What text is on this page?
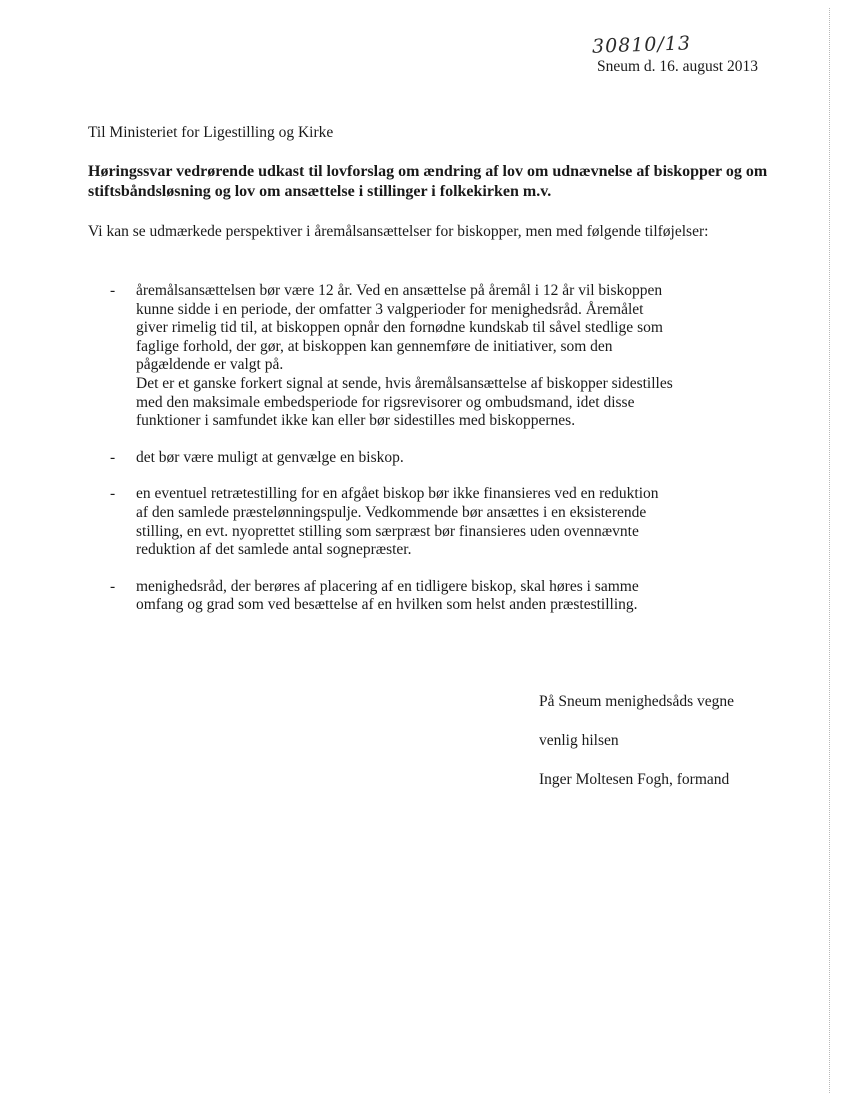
30810/13
Sneum d. 16. august 2013
Til Ministeriet for Ligestilling og Kirke
Høringssvar vedrørende udkast til lovforslag om ændring af lov om udnævnelse af biskopper og om stiftsbåndsløsning og lov om ansættelse i stillinger i folkekirken m.v.
Vi kan se udmærkede perspektiver i åremålsansættelser for biskopper, men med følgende tilføjelser:
- åremålsansættelsen bør være 12 år. Ved en ansættelse på åremål i 12 år vil biskoppen
kunne sidde i en periode, der omfatter 3 valgperioder for menighedsråd. Åremålet
giver rimelig tid til, at biskoppen opnår den fornødne kundskab til såvel stedlige som
faglige forhold, der gør, at biskoppen kan gennemføre de initiativer, som den
pågældende er valgt på.
Det er et ganske forkert signal at sende, hvis åremålsansættelse af biskopper sidestilles
med den maksimale embedsperiode for rigsrevisorer og ombudsmand, idet disse
funktioner i samfundet ikke kan eller bør sidestilles med biskoppernes.
- det bør være muligt at genvælge en biskop.
- en eventuel retrætestilling for en afgået biskop bør ikke finansieres ved en reduktion
af den samlede præstelønningspulje. Vedkommende bør ansættes i en eksisterende
stilling, en evt. nyoprettet stilling som særpræst bør finansieres uden ovennævnte
reduktion af det samlede antal sognepræster.
- menighedsråd, der berøres af placering af en tidligere biskop, skal høres i samme
omfang og grad som ved besættelse af en hvilken som helst anden præstestilling.

På Sneum menighedsåds vegne

venlig hilsen

Inger Moltesen Fogh, formand
